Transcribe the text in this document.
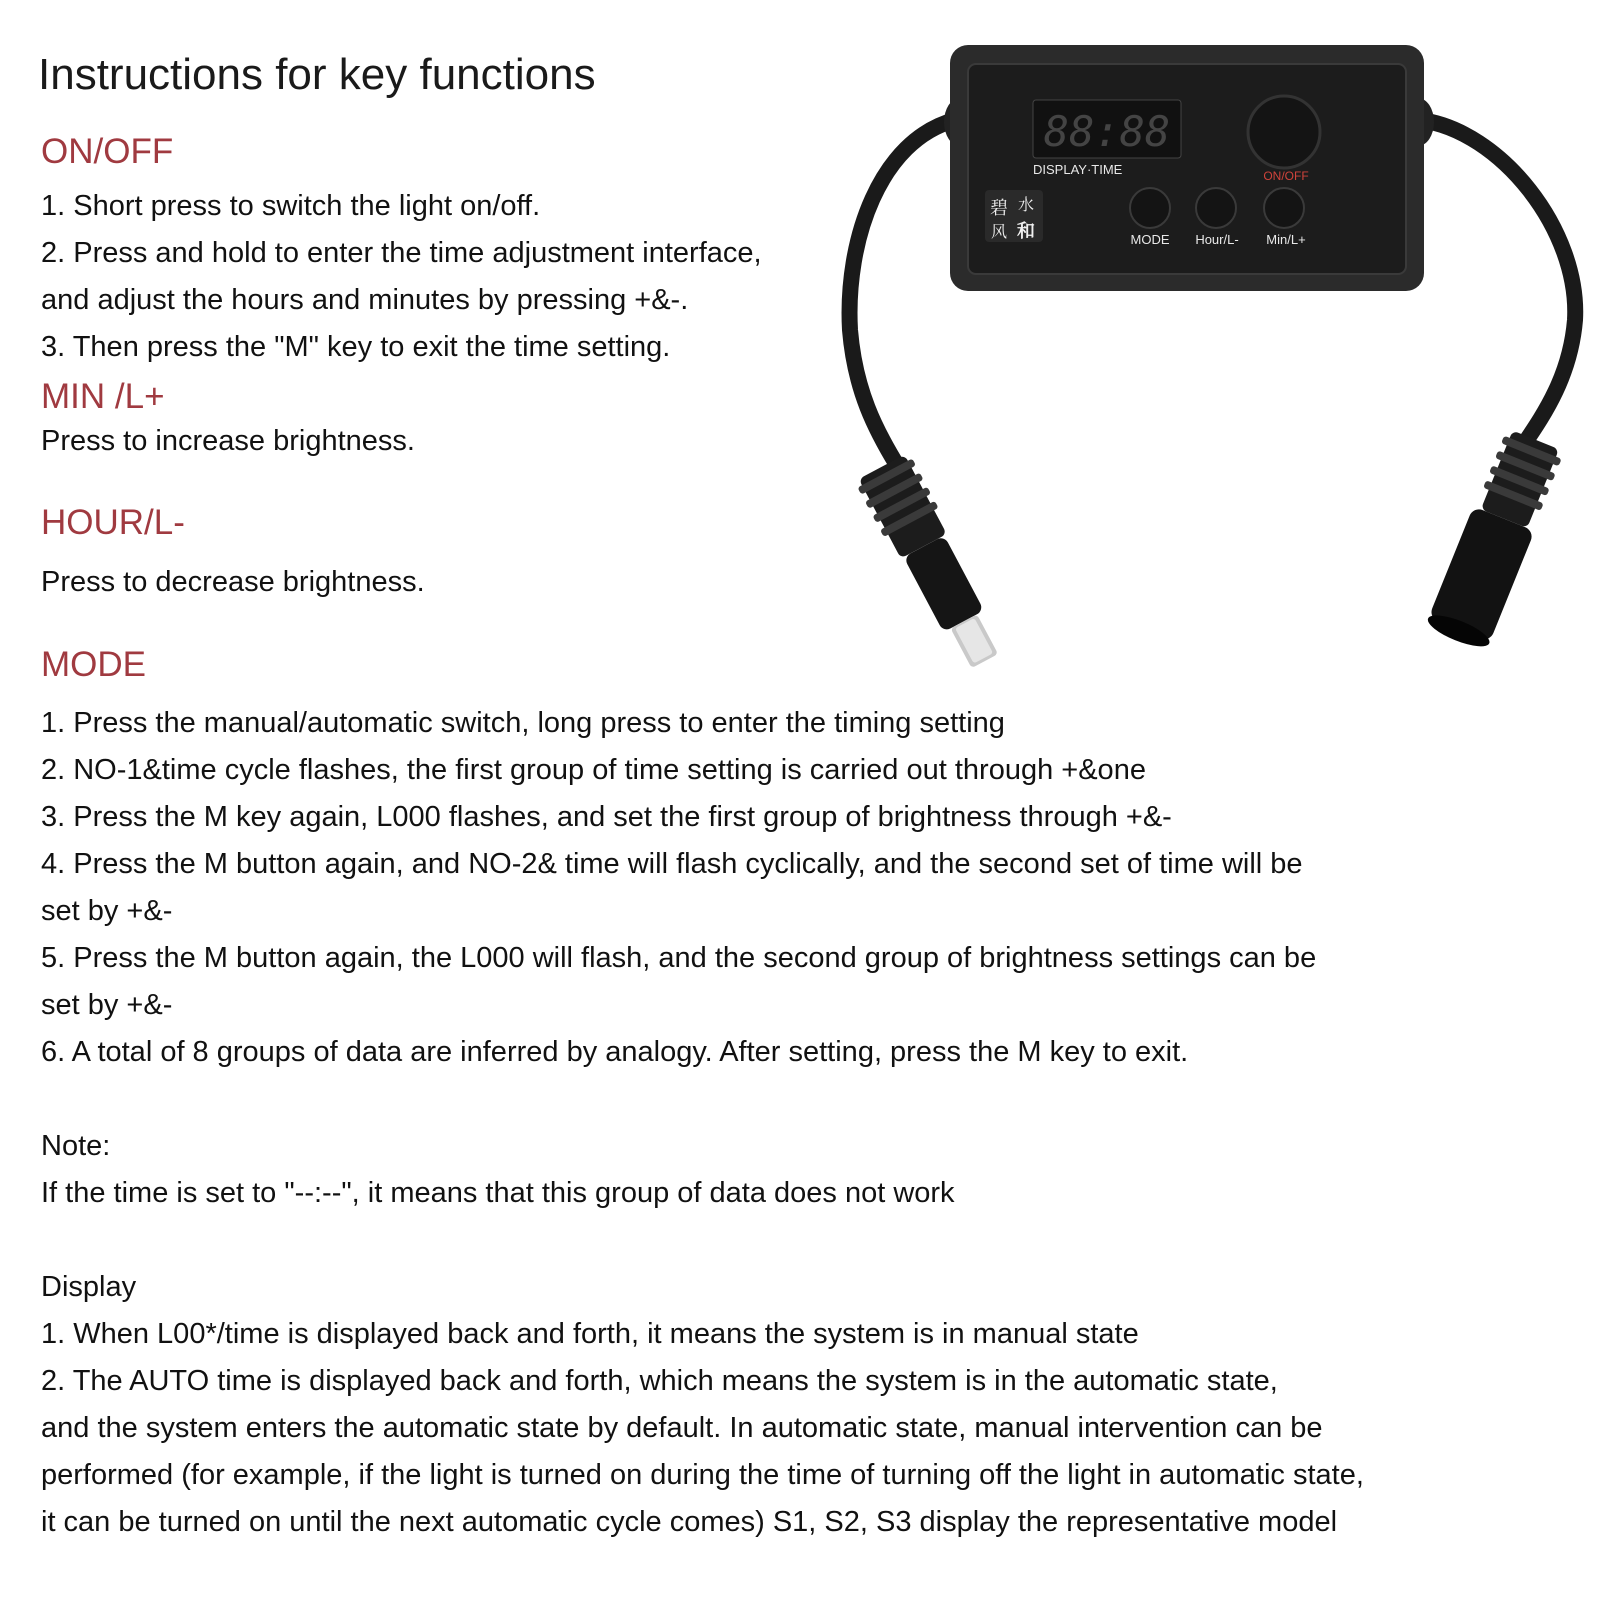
88:88
DISPLAY·TIME	ON/OFF
碧 水
风 和	MODE Hour/L- Min/L+
Instructions for key functions
ON/OFF
1. Short press to switch the light on/off.
2. Press and hold to enter the time adjustment interface,
and adjust the hours and minutes by pressing +&-.
3. Then press the "M" key to exit the time setting.
MIN /L+
Press to increase brightness.
HOUR/L-
Press to decrease brightness.
MODE
1. Press the manual/automatic switch, long press to enter the timing setting
2. NO-1&time cycle flashes, the first group of time setting is carried out through +&one
3. Press the M key again, L000 flashes, and set the first group of brightness through +&-
4. Press the M button again, and NO-2& time will flash cyclically, and the second set of time will be
set by +&-
5. Press the M button again, the L000 will flash, and the second group of brightness settings can be
set by +&-
6. A total of 8 groups of data are inferred by analogy. After setting, press the M key to exit.
Note:
If the time is set to "--:--", it means that this group of data does not work
Display
1. When L00*/time is displayed back and forth, it means the system is in manual state
2. The AUTO time is displayed back and forth, which means the system is in the automatic state,
and the system enters the automatic state by default. In automatic state, manual intervention can be
performed (for example, if the light is turned on during the time of turning off the light in automatic state,
it can be turned on until the next automatic cycle comes) S1, S2, S3 display the representative model
